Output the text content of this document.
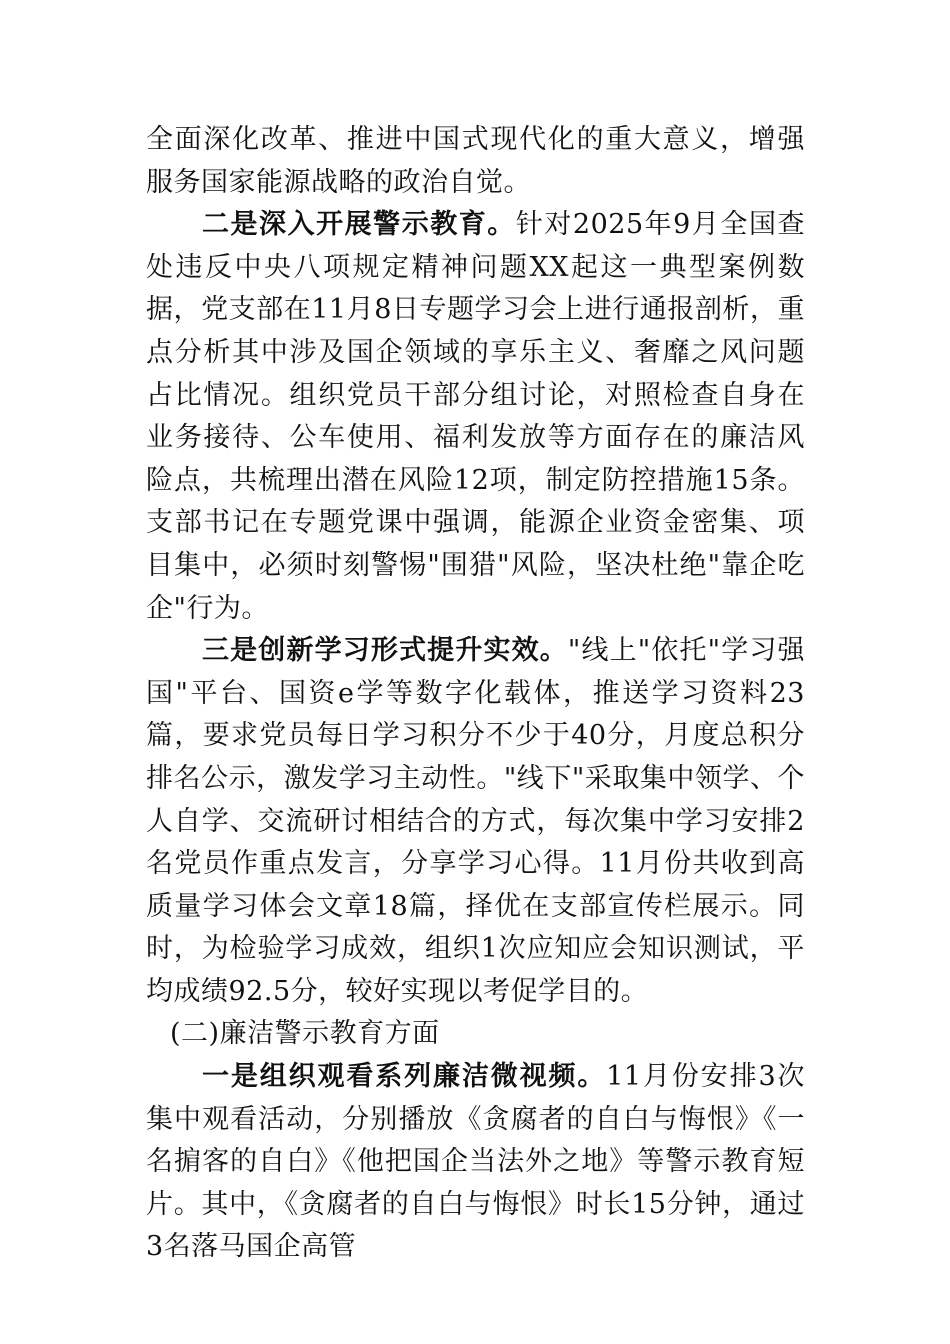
全面深化改革、推进中国式现代化的重大意义，增强服务国家能源战略的政治自觉。

二是深入开展警示教育。针对2025年9月全国查处违反中央八项规定精神问题XX起这一典型案例数据，党支部在11月8日专题学习会上进行通报剖析，重点分析其中涉及国企领域的享乐主义、奢靡之风问题占比情况。组织党员干部分组讨论，对照检查自身在业务接待、公车使用、福利发放等方面存在的廉洁风险点，共梳理出潜在风险12项，制定防控措施15条。支部书记在专题党课中强调，能源企业资金密集、项目集中，必须时刻警惕"围猎"风险，坚决杜绝"靠企吃企"行为。

三是创新学习形式提升实效。"线上"依托"学习强国"平台、国资e学等数字化载体，推送学习资料23篇，要求党员每日学习积分不少于40分，月度总积分排名公示，激发学习主动性。"线下"采取集中领学、个人自学、交流研讨相结合的方式，每次集中学习安排2名党员作重点发言，分享学习心得。11月份共收到高质量学习体会文章18篇，择优在支部宣传栏展示。同时，为检验学习成效，组织1次应知应会知识测试，平均成绩92.5分，较好实现以考促学目的。

(二)廉洁警示教育方面

一是组织观看系列廉洁微视频。11月份安排3次集中观看活动，分别播放《贪腐者的自白与悔恨》《一名掮客的自白》《他把国企当法外之地》等警示教育短片。其中，《贪腐者的自白与悔恨》时长15分钟，通过3名落马国企高管
